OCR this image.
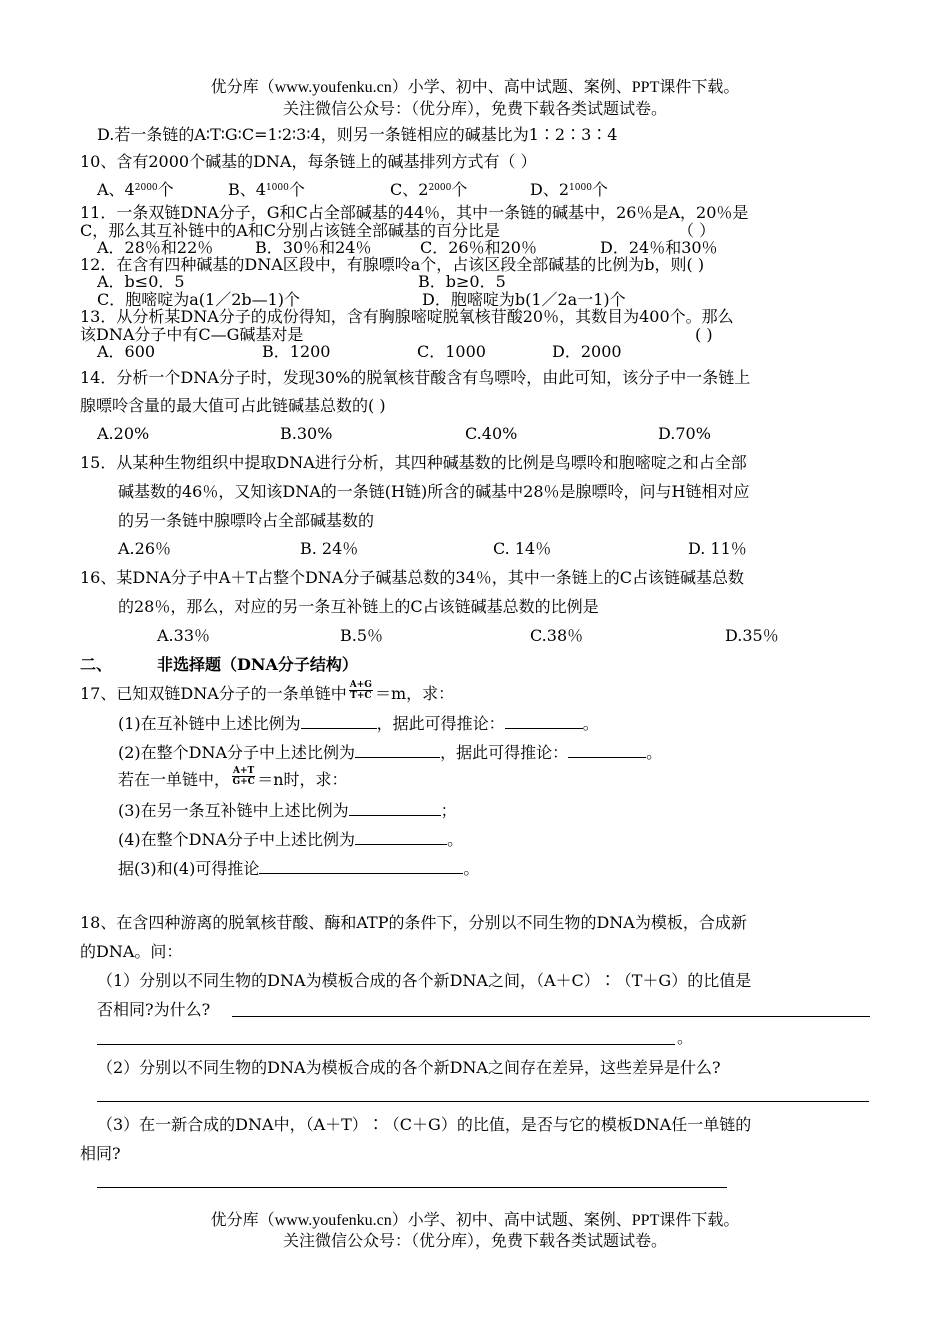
优分库（www.youfenku.cn）小学、初中、高中试题、案例、PPT课件下载。
关注微信公众号：（优分库），免费下载各类试题试卷。
D.若一条链的A∶T∶G∶C=1∶2∶3∶4，则另一条链相应的碱基比为1∶2∶3∶4
10、含有2000个碱基的DNA，每条链上的碱基排列方式有（ ）
A、$4^{2000}$个	B、$4^{1000}$个	C、$2^{2000}$个	D、$2^{1000}$个
11．一条双链DNA分子，G和C占全部碱基的44％，其中一条链的碱基中，26％是A，20％是
C，那么其互补链中的A和C分别占该链全部碱基的百分比是	（ ）
A．28％和22％	B．30％和24％	C．26％和20％	D．24％和30％
12．在含有四种碱基的DNA区段中，有腺嘌呤a个，占该区段全部碱基的比例为b，则( )
A．b≤0．5	B．b≥0．5
C．胞嘧啶为a(1／2b—1)个	D．胞嘧啶为b(1／2a一1)个
13．从分析某DNA分子的成份得知，含有胸腺嘧啶脱氧核苷酸20％，其数目为400个。那么
该DNA分子中有C—G碱基对是	( )
A．600	B．1200	C．1000	D．2000
14．分析一个DNA分子时，发现30%的脱氧核苷酸含有鸟嘌呤，由此可知，该分子中一条链上
腺嘌呤含量的最大值可占此链碱基总数的( )
A.20%	B.30%	C.40%	D.70%
15．从某种生物组织中提取DNA进行分析，其四种碱基数的比例是鸟嘌呤和胞嘧啶之和占全部
碱基数的46％，又知该DNA的一条链(H链)所含的碱基中28％是腺嘌呤，问与H链相对应
的另一条链中腺嘌呤占全部碱基数的
A.26％	B. 24％	C. 14％	D. 11％
16、某DNA分子中A＋T占整个DNA分子碱基总数的34％，其中一条链上的C占该链碱基总数
的28％，那么，对应的另一条互补链上的C占该链碱基总数的比例是
A.33％	B.5％	C.38％	D.35％
二、	非选择题（DNA分子结构）
17、已知双链DNA分子的一条单链中 $\frac{A+G}{T+C} =m$，求：
(1)在互补链中上述比例为	，据此可得推论：	。
(2)在整个DNA分子中上述比例为	，据此可得推论：	。
若在一单链中， $\frac{A+T}{G+C} =n$时，求：
(3)在另一条互补链中上述比例为	；
(4)在整个DNA分子中上述比例为	。
据(3)和(4)可得推论	。
18、在含四种游离的脱氧核苷酸、酶和ATP的条件下，分别以不同生物的DNA为模板，合成新
的DNA。问：
（1）分别以不同生物的DNA为模板合成的各个新DNA之间，（A＋C）∶（T＋G）的比值是
否相同?为什么?
。
（2）分别以不同生物的DNA为模板合成的各个新DNA之间存在差异，这些差异是什么?
（3）在一新合成的DNA中，（A＋T）∶（C＋G）的比值，是否与它的模板DNA任一单链的
相同?
优分库（www.youfenku.cn）小学、初中、高中试题、案例、PPT课件下载。
关注微信公众号：（优分库），免费下载各类试题试卷。
